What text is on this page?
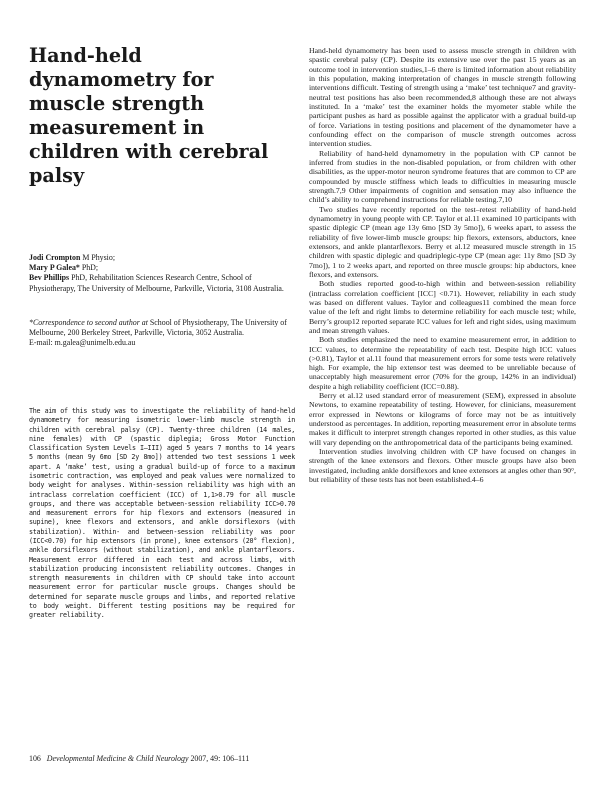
Hand-held dynamometry for muscle strength measurement in children with cerebral palsy

Jodi Crompton M Physio;

Mary P Galea* PhD;

Bev Phillips PhD, Rehabilitation Sciences Research Centre, School of Physiotherapy, The University of Melbourne, Parkville, Victoria, 3108 Australia.

*Correspondence to second author at School of Physiotherapy, The University of Melbourne, 200 Berkeley Street, Parkville, Victoria, 3052 Australia.

E-mail: m.galea@unimelb.edu.au

The aim of this study was to investigate the reliability of hand-held dynamometry for measuring isometric lower-limb muscle strength in children with cerebral palsy (CP). Twenty-three children (14 males, nine females) with CP (spastic diplegia; Gross Motor Function Classification System Levels I–III) aged 5 years 7 months to 14 years 5 months (mean 9y 6mo [SD 2y 8mo]) attended two test sessions 1 week apart. A ‘make’ test, using a gradual build-up of force to a maximum isometric contraction, was employed and peak values were normalized to body weight for analyses. Within-session reliability was high with an intraclass correlation coefficient (ICC) of 1,1>0.79 for all muscle groups, and there was acceptable between-session reliability ICC>0.70 and measurement errors for hip flexors and extensors (measured in supine), knee flexors and extensors, and ankle dorsiflexors (with stabilization). Within- and between-session reliability was poor (ICC<0.70) for hip extensors (in prone), knee extensors (20° flexion), ankle dorsiflexors (without stabilization), and ankle plantarflexors. Measurement error differed in each test and across limbs, with stabilization producing inconsistent reliability outcomes. Changes in strength measurements in children with CP should take into account measurement error for particular muscle groups. Changes should be determined for separate muscle groups and limbs, and reported relative to body weight. Different testing positions may be required for greater reliability.

Hand-held dynamometry has been used to assess muscle strength in children with spastic cerebral palsy (CP). Despite its extensive use over the past 15 years as an outcome tool in intervention studies,1–6 there is limited information about reliability in this population, making interpretation of changes in muscle strength following interventions difficult. Testing of strength using a ‘make’ test technique7 and gravity-neutral test positions has also been recommended,8 although these are not always instituted. In a ‘make’ test the examiner holds the myometer stable while the participant pushes as hard as possible against the applicator with a gradual build-up of force. Variations in testing positions and placement of the dynamometer have a confounding effect on the comparison of muscle strength outcomes across intervention studies.

Reliability of hand-held dynamometry in the population with CP cannot be inferred from studies in the non-disabled population, or from children with other disabilities, as the upper-motor neuron syndrome features that are common to CP are compounded by muscle stiffness which leads to difficulties in measuring muscle strength.7,9 Other impairments of cognition and sensation may also influence the child’s ability to comprehend instructions for reliable testing.7,10

Two studies have recently reported on the test–retest reliability of hand-held dynamometry in young people with CP. Taylor et al.11 examined 10 participants with spastic diplegic CP (mean age 13y 6mo [SD 3y 5mo]), 6 weeks apart, to assess the reliability of five lower-limb muscle groups: hip flexors, extensors, abductors, knee extensors, and ankle plantarflexors. Berry et al.12 measured muscle strength in 15 children with spastic diplegic and quadriplegic-type CP (mean age: 11y 8mo [SD 3y 7mo]), 1 to 2 weeks apart, and reported on three muscle groups: hip abductors, knee flexors, and extensors.

Both studies reported good-to-high within and between-session reliability (intraclass correlation coefficient [ICC] <0.71). However, reliability in each study was based on different values. Taylor and colleagues11 combined the mean force value of the left and right limbs to determine reliability for each muscle test; while, Berry’s group12 reported separate ICC values for left and right sides, using maximum and mean strength values.

Both studies emphasized the need to examine measurement error, in addition to ICC values, to determine the repeatability of each test. Despite high ICC values (>0.81), Taylor et al.11 found that measurement errors for some tests were relatively high. For example, the hip extensor test was deemed to be unreliable because of unacceptably high measurement error (70% for the group, 142% in an individual) despite a high reliability coefficient (ICC=0.88).

Berry et al.12 used standard error of measurement (SEM), expressed in absolute Newtons, to examine repeatability of testing. However, for clinicians, measurement error expressed in Newtons or kilograms of force may not be as intuitively understood as percentages. In addition, reporting measurement error in absolute terms makes it difficult to interpret strength changes reported in other studies, as this value will vary depending on the anthropometrical data of the participants being examined.

Intervention studies involving children with CP have focused on changes in strength of the knee extensors and flexors. Other muscle groups have also been investigated, including ankle dorsiflexors and knee extensors at angles other than 90°, but reliability of these tests has not been established.4–6

106 Developmental Medicine & Child Neurology 2007, 49: 106–111
